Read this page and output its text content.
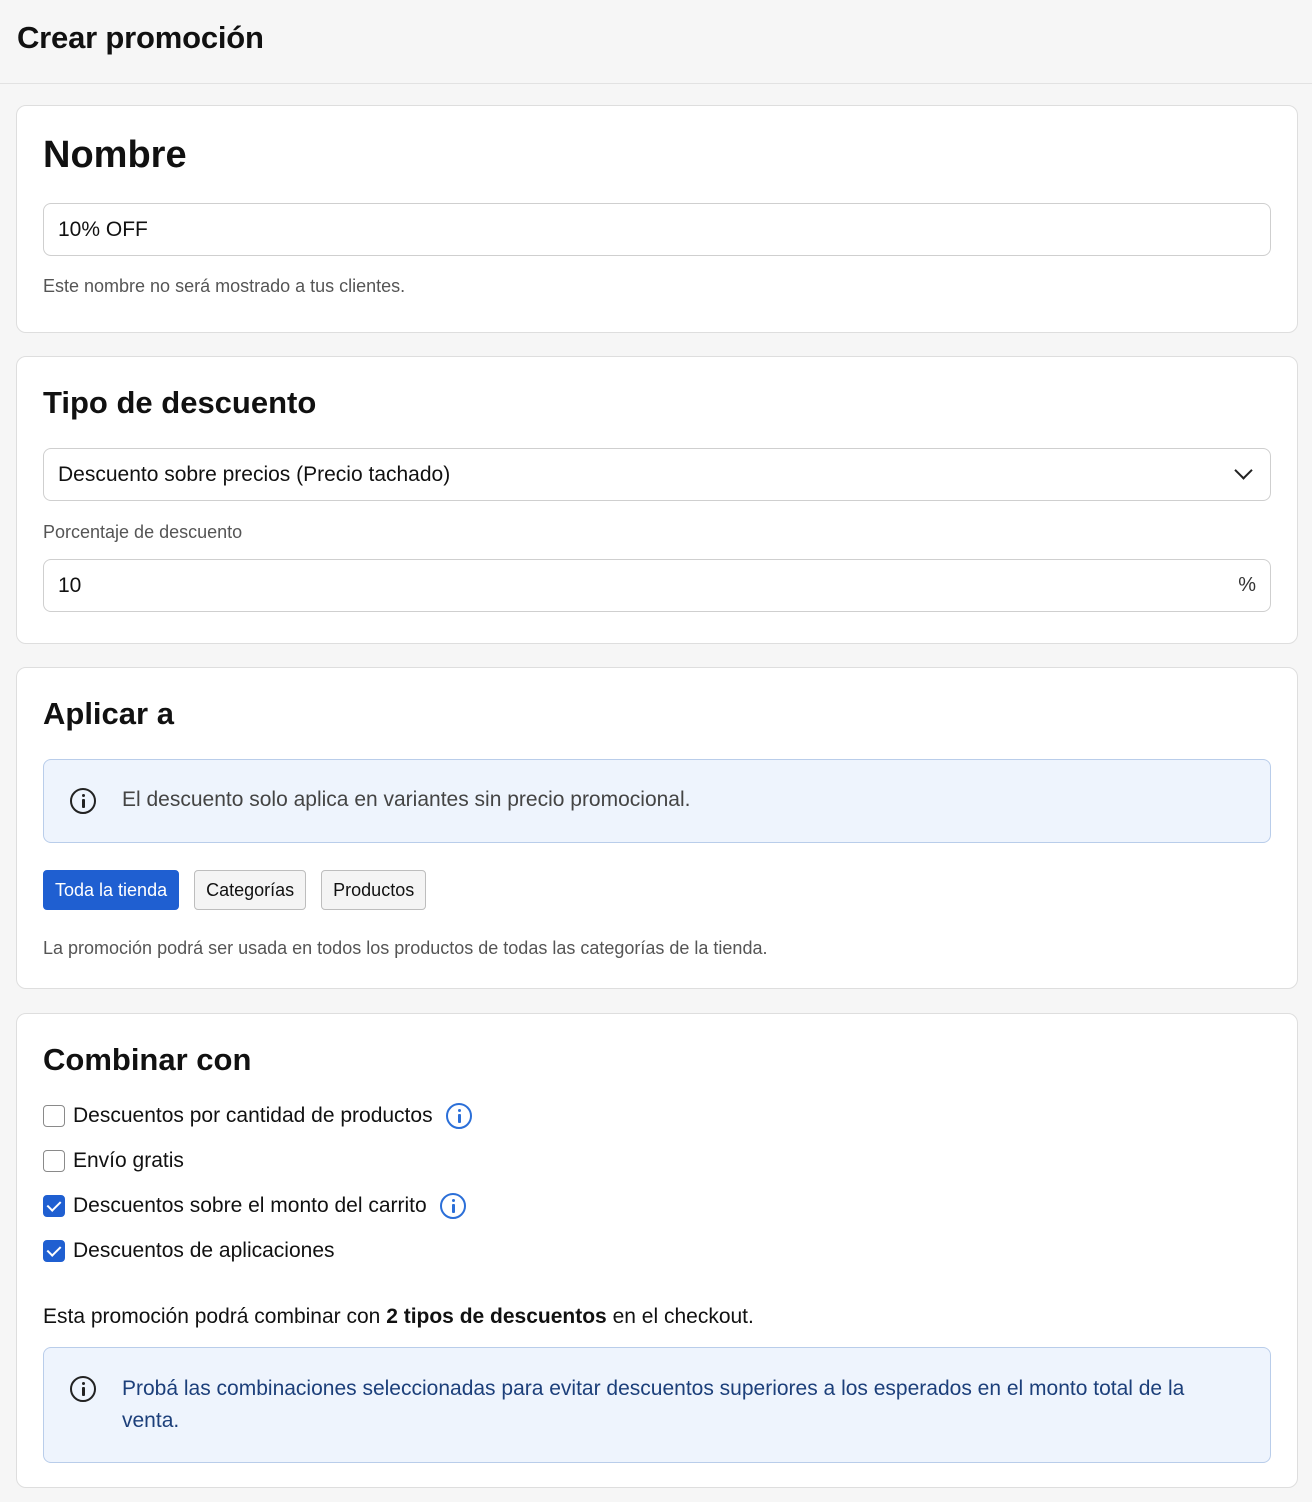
Crear promoción
Nombre
10% OFF
Este nombre no será mostrado a tus clientes.
Tipo de descuento
Descuento sobre precios (Precio tachado)
Porcentaje de descuento
10	%
Aplicar a
El descuento solo aplica en variantes sin precio promocional.
Toda la tienda	Categorías	Productos
La promoción podrá ser usada en todos los productos de todas las categorías de la tienda.
Combinar con
Descuentos por cantidad de productos
Envío gratis
Descuentos sobre el monto del carrito
Descuentos de aplicaciones
Esta promoción podrá combinar con 2 tipos de descuentos en el checkout.
Probá las combinaciones seleccionadas para evitar descuentos superiores a los esperados en el monto total de la venta.
